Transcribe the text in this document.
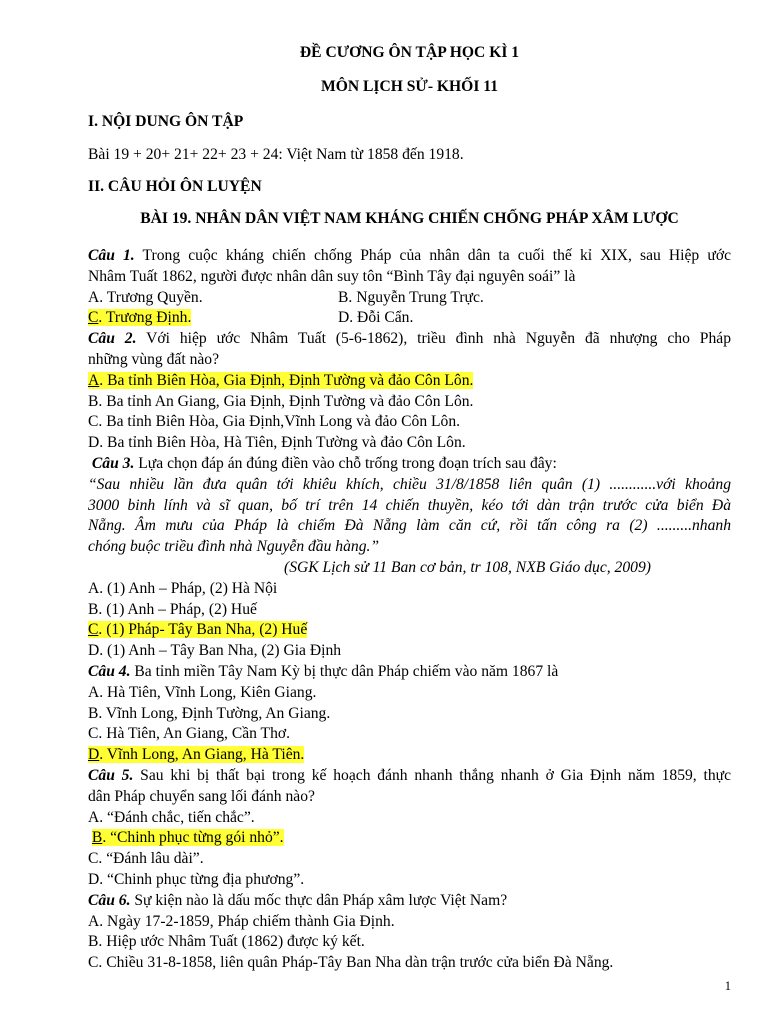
ĐỀ CƯƠNG ÔN TẬP HỌC KÌ 1
MÔN LỊCH SỬ- KHỐI 11
I. NỘI DUNG ÔN TẬP
Bài 19 + 20+ 21+ 22+ 23 + 24: Việt Nam từ 1858 đến 1918.
II. CÂU HỎI ÔN LUYỆN
BÀI 19. NHÂN DÂN VIỆT NAM KHÁNG CHIẾN CHỐNG PHÁP XÂM LƯỢC
Câu 1. Trong cuộc kháng chiến chống Pháp của nhân dân ta cuối thế kỉ XIX, sau Hiệp ước
Nhâm Tuất 1862, người được nhân dân suy tôn “Bình Tây đại nguyên soái” là
A. Trương Quyền.	B. Nguyễn Trung Trực.
C. Trương Định.	D. Đỗi Cẩn.
Câu 2. Với hiệp ước Nhâm Tuất (5-6-1862), triều đình nhà Nguyễn đã nhượng cho Pháp
những vùng đất nào?
A. Ba tỉnh Biên Hòa, Gia Định, Định Tường và đảo Côn Lôn.
B. Ba tỉnh An Giang, Gia Định, Định Tường và đảo Côn Lôn.
C. Ba tỉnh Biên Hòa, Gia Định,Vĩnh Long và đảo Côn Lôn.
D. Ba tỉnh Biên Hòa, Hà Tiên, Định Tường và đảo Côn Lôn.
Câu 3. Lựa chọn đáp án đúng điền vào chỗ trống trong đoạn trích sau đây:
“Sau nhiều lần đưa quân tới khiêu khích, chiều 31/8/1858 liên quân (1) ............với khoảng
3000 binh lính và sĩ quan, bố trí trên 14 chiến thuyền, kéo tới dàn trận trước cửa biển Đà
Nẵng. Âm mưu của Pháp là chiếm Đà Nẵng làm căn cứ, rồi tấn công ra (2) .........nhanh
chóng buộc triều đình nhà Nguyễn đầu hàng.”
(SGK Lịch sử 11 Ban cơ bản, tr 108, NXB Giáo dục, 2009)
A. (1) Anh – Pháp, (2) Hà Nội
B. (1) Anh – Pháp, (2) Huế
C. (1) Pháp- Tây Ban Nha, (2) Huế
D. (1) Anh – Tây Ban Nha, (2) Gia Định
Câu 4. Ba tỉnh miền Tây Nam Kỳ bị thực dân Pháp chiếm vào năm 1867 là
A. Hà Tiên, Vĩnh Long, Kiên Giang.
B. Vĩnh Long, Định Tường, An Giang.
C. Hà Tiên, An Giang, Cần Thơ.
D. Vĩnh Long, An Giang, Hà Tiên.
Câu 5. Sau khi bị thất bại trong kế hoạch đánh nhanh thắng nhanh ở Gia Định năm 1859, thực
dân Pháp chuyển sang lối đánh nào?
A. “Đánh chắc, tiến chắc”.
B. “Chinh phục từng gói nhỏ”.
C. “Đánh lâu dài”.
D. “Chinh phục từng địa phương”.
Câu 6. Sự kiện nào là dấu mốc thực dân Pháp xâm lược Việt Nam?
A. Ngày 17-2-1859, Pháp chiếm thành Gia Định.
B. Hiệp ước Nhâm Tuất (1862) được ký kết.
C. Chiều 31-8-1858, liên quân Pháp-Tây Ban Nha dàn trận trước cửa biển Đà Nẵng.
1
